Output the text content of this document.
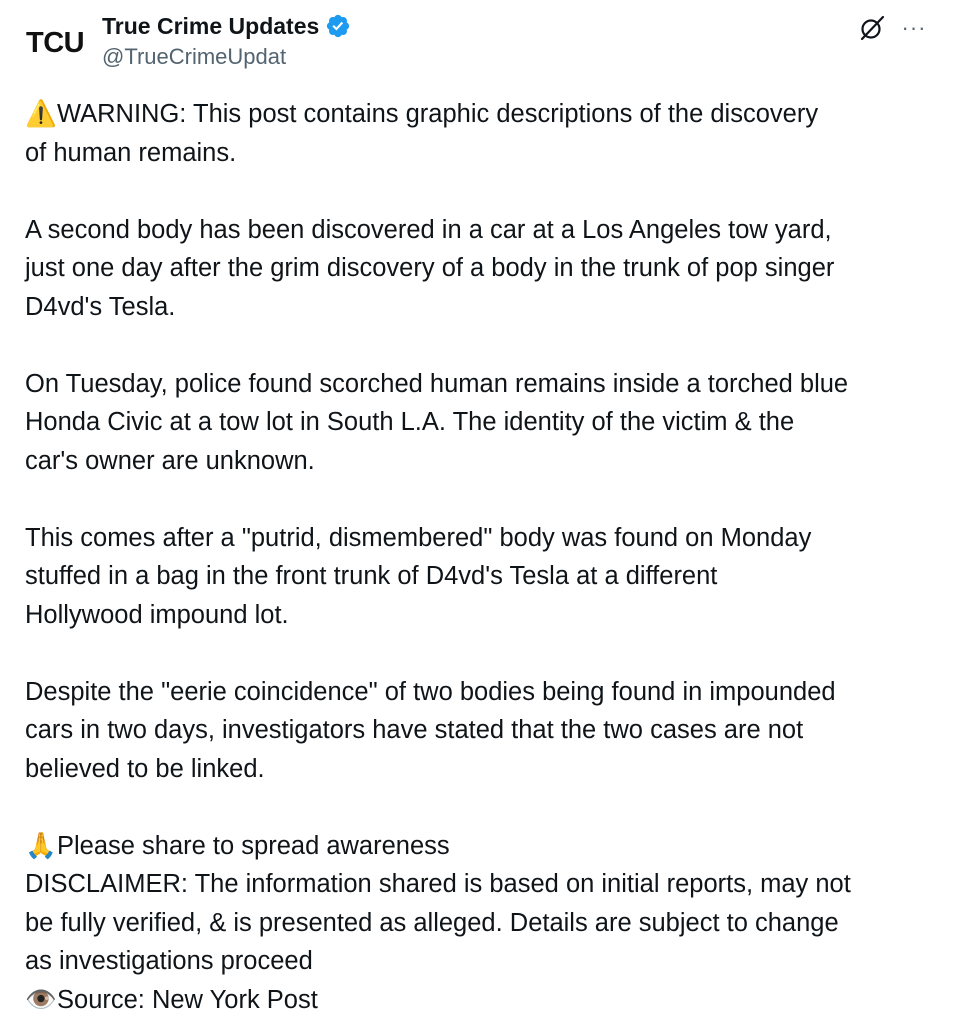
TCU
True Crime Updates
@TrueCrimeUpdat
···

⚠️WARNING: This post contains graphic descriptions of the discovery
of human remains.

A second body has been discovered in a car at a Los Angeles tow yard,
just one day after the grim discovery of a body in the trunk of pop singer
D4vd's Tesla.

On Tuesday, police found scorched human remains inside a torched blue
Honda Civic at a tow lot in South L.A. The identity of the victim & the
car's owner are unknown.

This comes after a "putrid, dismembered" body was found on Monday
stuffed in a bag in the front trunk of D4vd's Tesla at a different
Hollywood impound lot.

Despite the "eerie coincidence" of two bodies being found in impounded
cars in two days, investigators have stated that the two cases are not
believed to be linked.

🙏Please share to spread awareness
DISCLAIMER: The information shared is based on initial reports, may not
be fully verified, & is presented as alleged. Details are subject to change
as investigations proceed
👁️Source: New York Post
